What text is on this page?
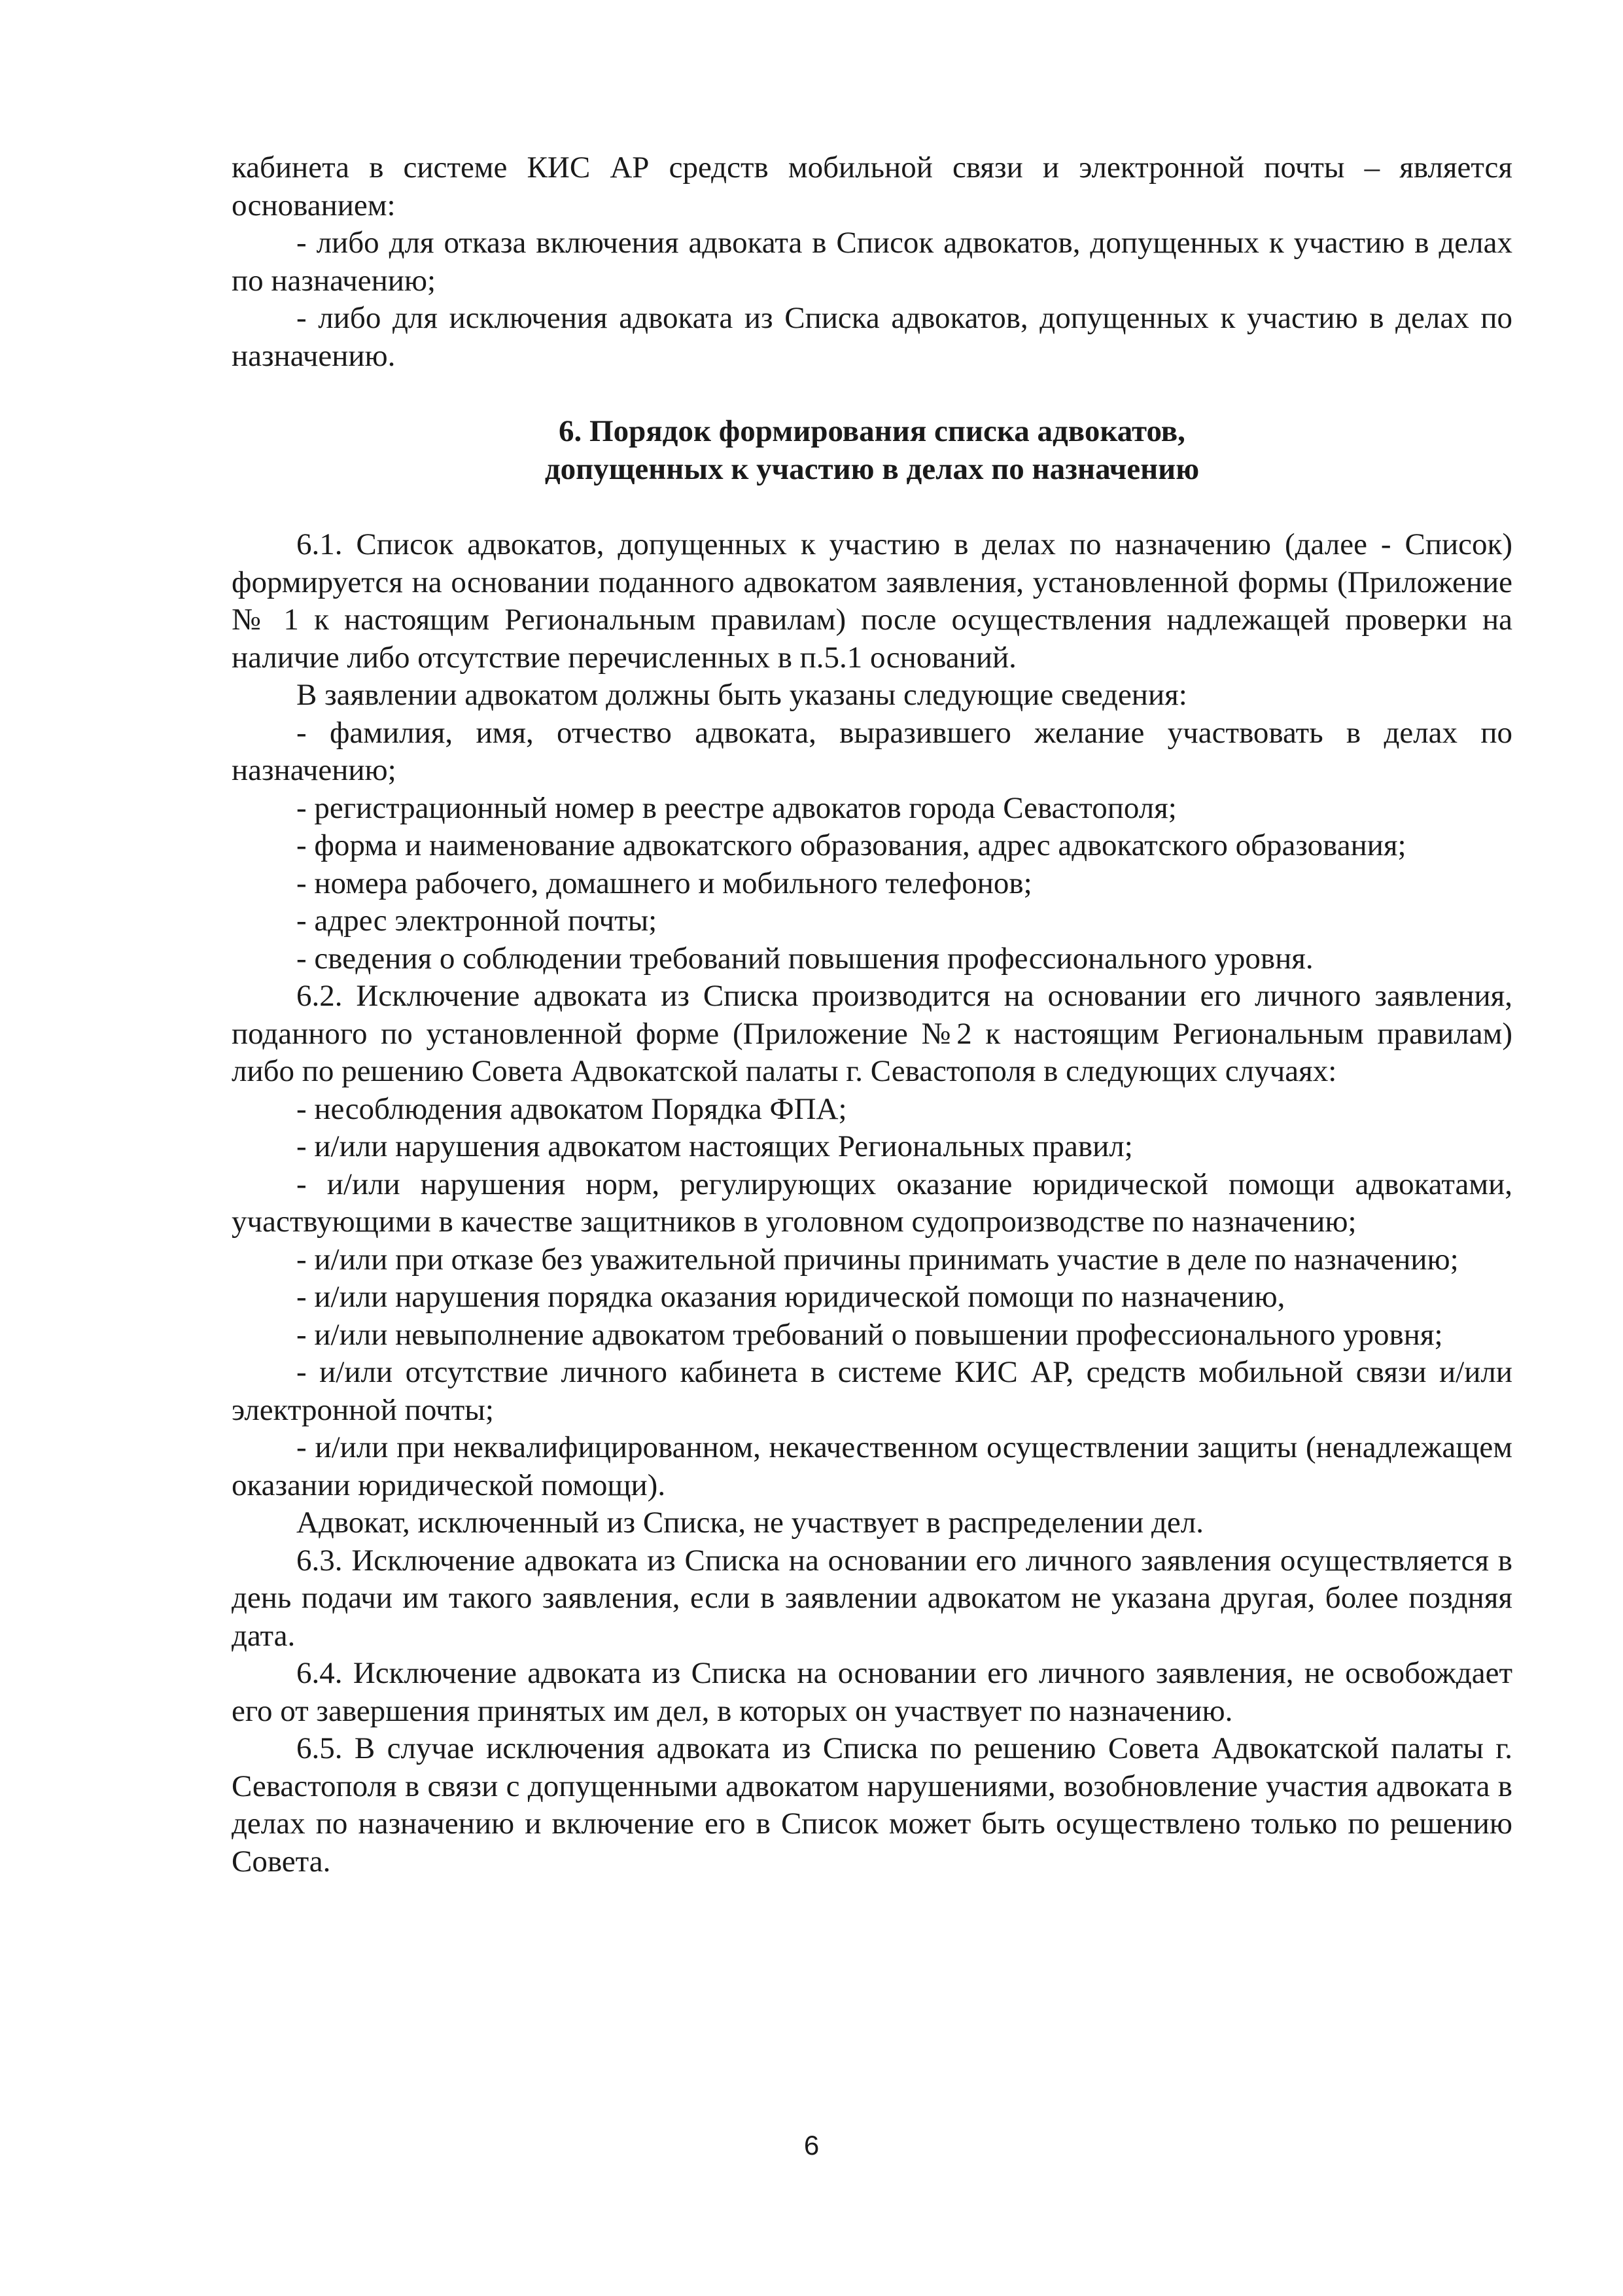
кабинета в системе КИС АР средств мобильной связи и электронной почты – является основанием:

- либо для отказа включения адвоката в Список адвокатов, допущенных к участию в делах по назначению;

- либо для исключения адвоката из Списка адвокатов, допущенных к участию в делах по назначению.

6. Порядок формирования списка адвокатов,
допущенных к участию в делах по назначению

6.1. Список адвокатов, допущенных к участию в делах по назначению (далее - Список) формируется на основании поданного адвокатом заявления, установленной формы (Приложение № 1 к настоящим Региональным правилам) после осуществления надлежащей проверки на наличие либо отсутствие перечисленных в п.5.1 оснований.

В заявлении адвокатом должны быть указаны следующие сведения:

- фамилия, имя, отчество адвоката, выразившего желание участвовать в делах по назначению;

- регистрационный номер в реестре адвокатов города Севастополя;

- форма и наименование адвокатского образования, адрес адвокатского образования;

- номера рабочего, домашнего и мобильного телефонов;

- адрес электронной почты;

- сведения о соблюдении требований повышения профессионального уровня.

6.2. Исключение адвоката из Списка производится на основании его личного заявления, поданного по установленной форме (Приложение №2 к настоящим Региональным правилам) либо по решению Совета Адвокатской палаты г. Севастополя в следующих случаях:

- несоблюдения адвокатом Порядка ФПА;

- и/или нарушения адвокатом настоящих Региональных правил;

- и/или нарушения норм, регулирующих оказание юридической помощи адвокатами, участвующими в качестве защитников в уголовном судопроизводстве по назначению;

- и/или при отказе без уважительной причины принимать участие в деле по назначению;

- и/или нарушения порядка оказания юридической помощи по назначению,

- и/или невыполнение адвокатом требований о повышении профессионального уровня;

- и/или отсутствие личного кабинета в системе КИС АР, средств мобильной связи и/или электронной почты;

- и/или при неквалифицированном, некачественном осуществлении защиты (ненадлежащем оказании юридической помощи).

Адвокат, исключенный из Списка, не участвует в распределении дел.

6.3. Исключение адвоката из Списка на основании его личного заявления осуществляется в день подачи им такого заявления, если в заявлении адвокатом не указана другая, более поздняя дата.

6.4. Исключение адвоката из Списка на основании его личного заявления, не освобождает его от завершения принятых им дел, в которых он участвует по назначению.

6.5. В случае исключения адвоката из Списка по решению Совета Адвокатской палаты г. Севастополя в связи с допущенными адвокатом нарушениями, возобновление участия адвоката в делах по назначению и включение его в Список может быть осуществлено только по решению Совета.

6
